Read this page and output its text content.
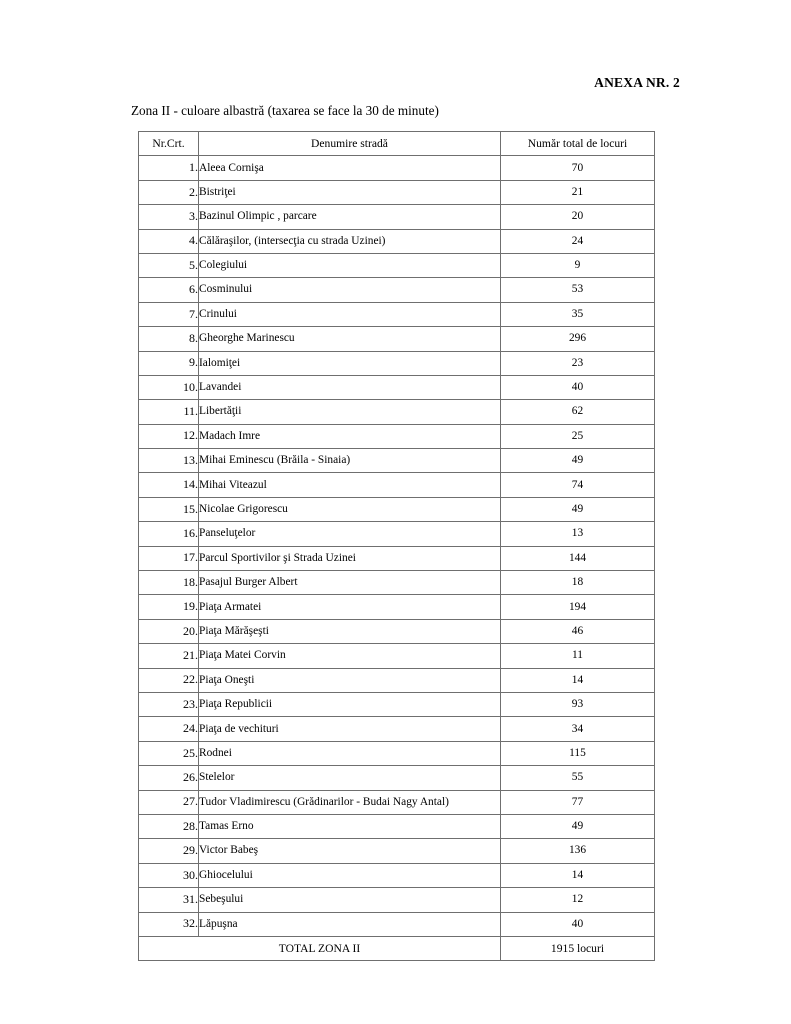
ANEXA NR. 2
Zona II - culoare albastră (taxarea se face la 30 de minute)
Nr.Crt.	Denumire stradă	Număr total de locuri
1.	Aleea Cornişa	70
2.	Bistriţei	21
3.	Bazinul Olimpic , parcare	20
4.	Călăraşilor, (intersecţia cu strada Uzinei)	24
5.	Colegiului	9
6.	Cosminului	53
7.	Crinului	35
8.	Gheorghe Marinescu	296
9.	Ialomiţei	23
10.	Lavandei	40
11.	Libertăţii	62
12.	Madach Imre	25
13.	Mihai Eminescu (Brăila - Sinaia)	49
14.	Mihai Viteazul	74
15.	Nicolae Grigorescu	49
16.	Panseluţelor	13
17.	Parcul Sportivilor şi Strada Uzinei	144
18.	Pasajul Burger Albert	18
19.	Piaţa Armatei	194
20.	Piaţa Mărăşeşti	46
21.	Piaţa Matei Corvin	11
22.	Piaţa Oneşti	14
23.	Piaţa Republicii	93
24.	Piaţa de vechituri	34
25.	Rodnei	115
26.	Stelelor	55
27.	Tudor Vladimirescu (Grădinarilor - Budai Nagy Antal)	77
28.	Tamas Erno	49
29.	Victor Babeş	136
30.	Ghiocelului	14
31.	Sebeşului	12
32.	Lăpuşna	40
TOTAL ZONA II		1915 locuri
